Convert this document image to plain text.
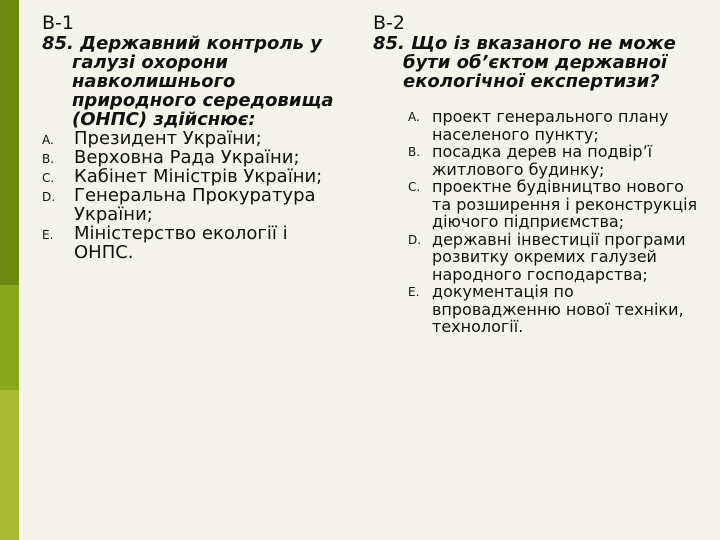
В-1
85. Державний контроль у галузі охорони навколишнього природного середовища (ОНПС) здійснює:
A. Президент України;
B. Верховна Рада України;
C. Кабінет Міністрів України;
D. Генеральна Прокуратура України;
E. Міністерство екології і ОНПС.
В-2
85. Що із вказаного не може бути об’єктом державної екологічної експертизи?
A. проект генерального плану населеного пункту;
B. посадка дерев на подвір’ї житлового будинку;
C. проектне будівництво нового та розширення і реконструкція діючого підприємства;
D. державні інвестиції програми розвитку окремих галузей народного господарства;
E. документація по впровадженню нової техніки, технології.
